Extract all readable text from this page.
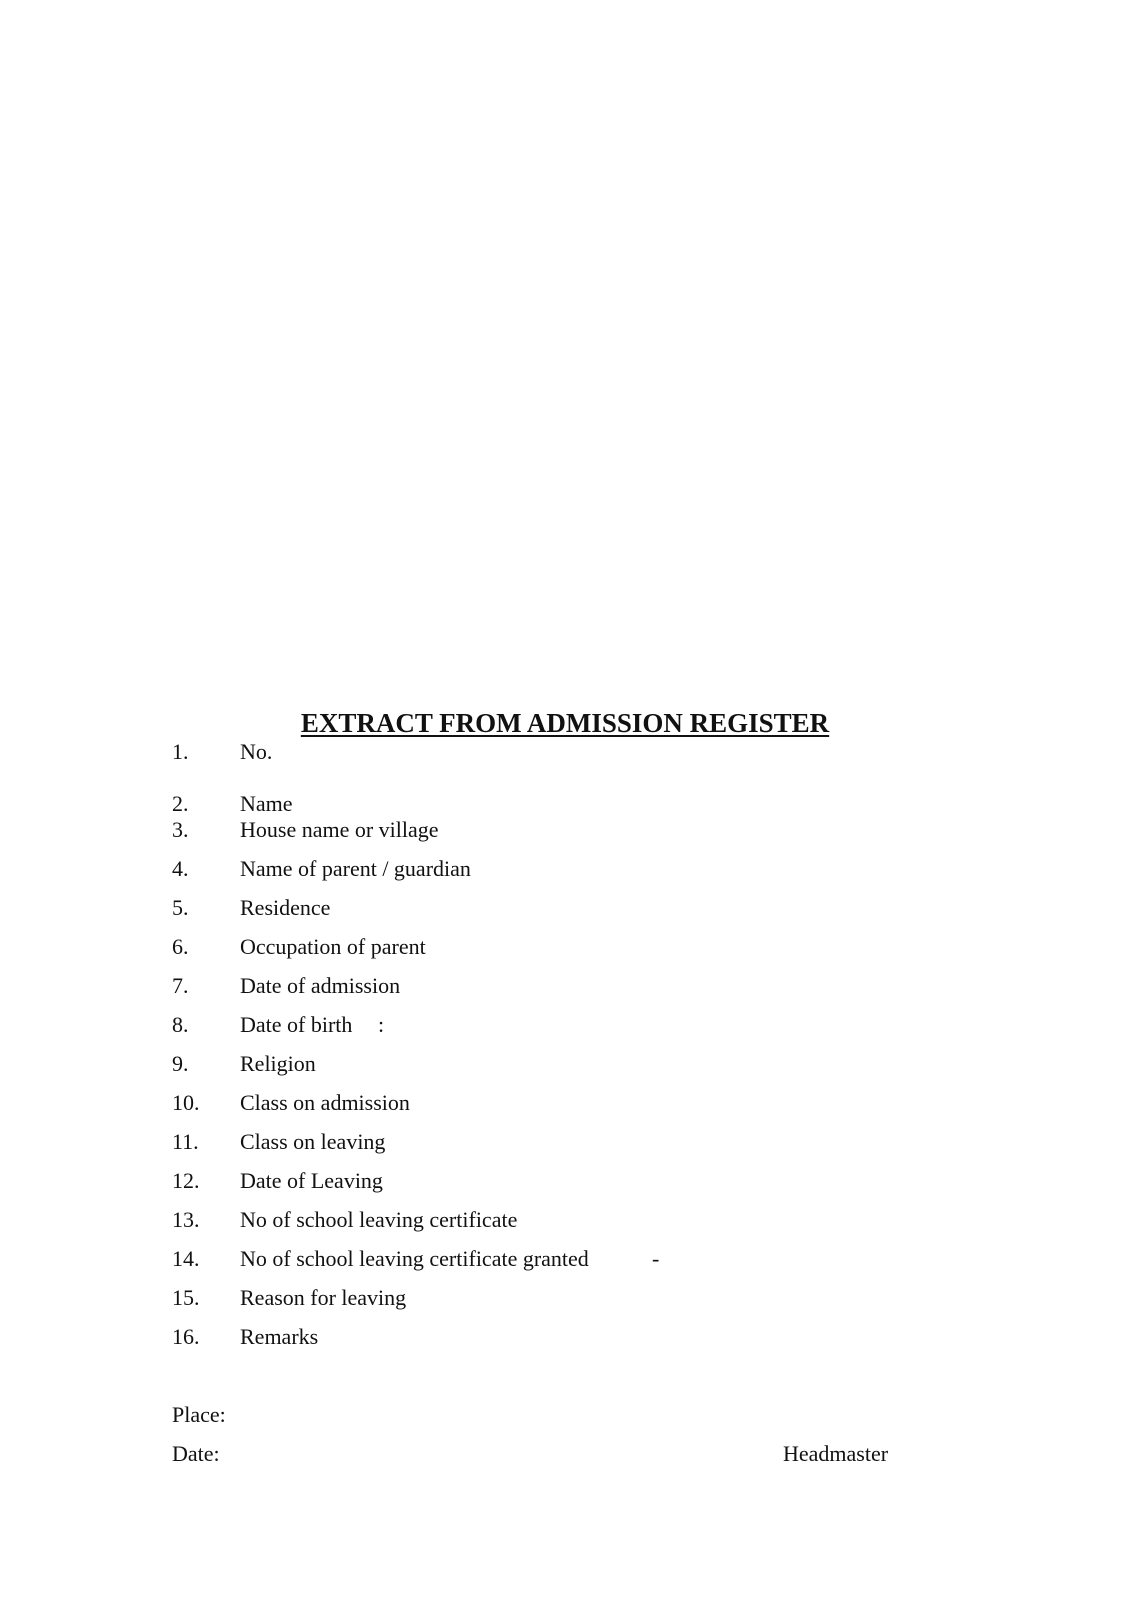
EXTRACT FROM ADMISSION REGISTER
1. No.
2. Name
3. House name or village
4. Name of parent / guardian
5. Residence
6. Occupation of parent
7. Date of admission
8. Date of birth :
9. Religion
10. Class on admission
11. Class on leaving
12. Date of Leaving
13. No of school leaving certificate
14. No of school leaving certificate granted	-
15. Reason for leaving
16. Remarks
Place:
Date:	Headmaster
